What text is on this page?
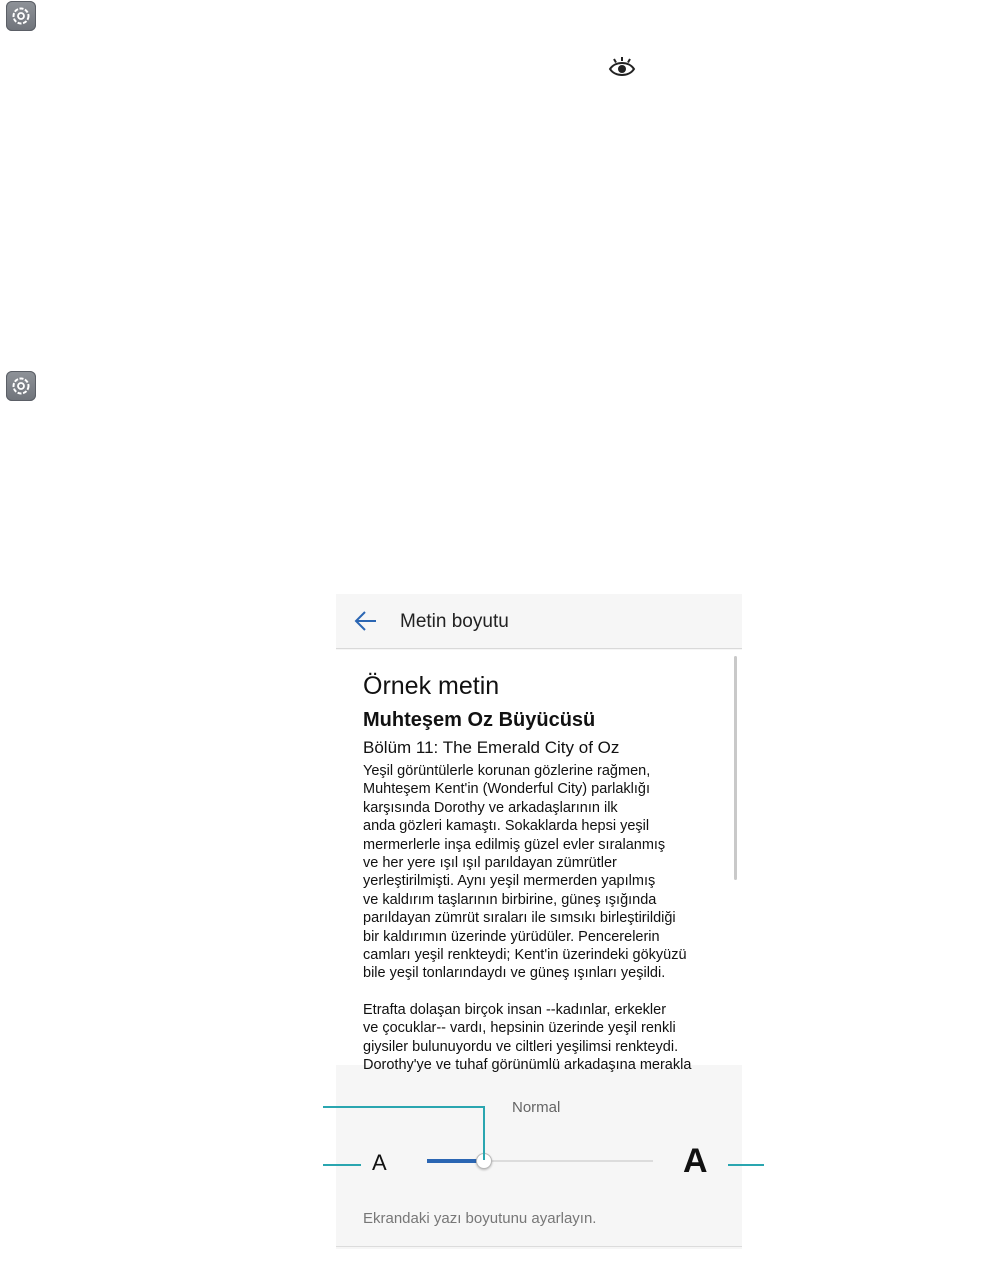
Metin boyutu
Örnek metin
Muhteşem Oz Büyücüsü
Bölüm 11: The Emerald City of Oz

Yeşil görüntülerle korunan gözlerine rağmen,
Muhteşem Kent'in (Wonderful City) parlaklığı
karşısında Dorothy ve arkadaşlarının ilk
anda gözleri kamaştı. Sokaklarda hepsi yeşil
mermerlerle inşa edilmiş güzel evler sıralanmış
ve her yere ışıl ışıl parıldayan zümrütler
yerleştirilmişti. Aynı yeşil mermerden yapılmış
ve kaldırım taşlarının birbirine, güneş ışığında
parıldayan zümrüt sıraları ile sımsıkı birleştirildiği
bir kaldırımın üzerinde yürüdüler. Pencerelerin
camları yeşil renkteydi; Kent'in üzerindeki gökyüzü
bile yeşil tonlarındaydı ve güneş ışınları yeşildi.

Etrafta dolaşan birçok insan --kadınlar, erkekler
ve çocuklar-- vardı, hepsinin üzerinde yeşil renkli
giysiler bulunuyordu ve ciltleri yeşilimsi renkteydi.
Dorothy'ye ve tuhaf görünümlü arkadaşına merakla

Normal
A	A
Ekrandaki yazı boyutunu ayarlayın.
